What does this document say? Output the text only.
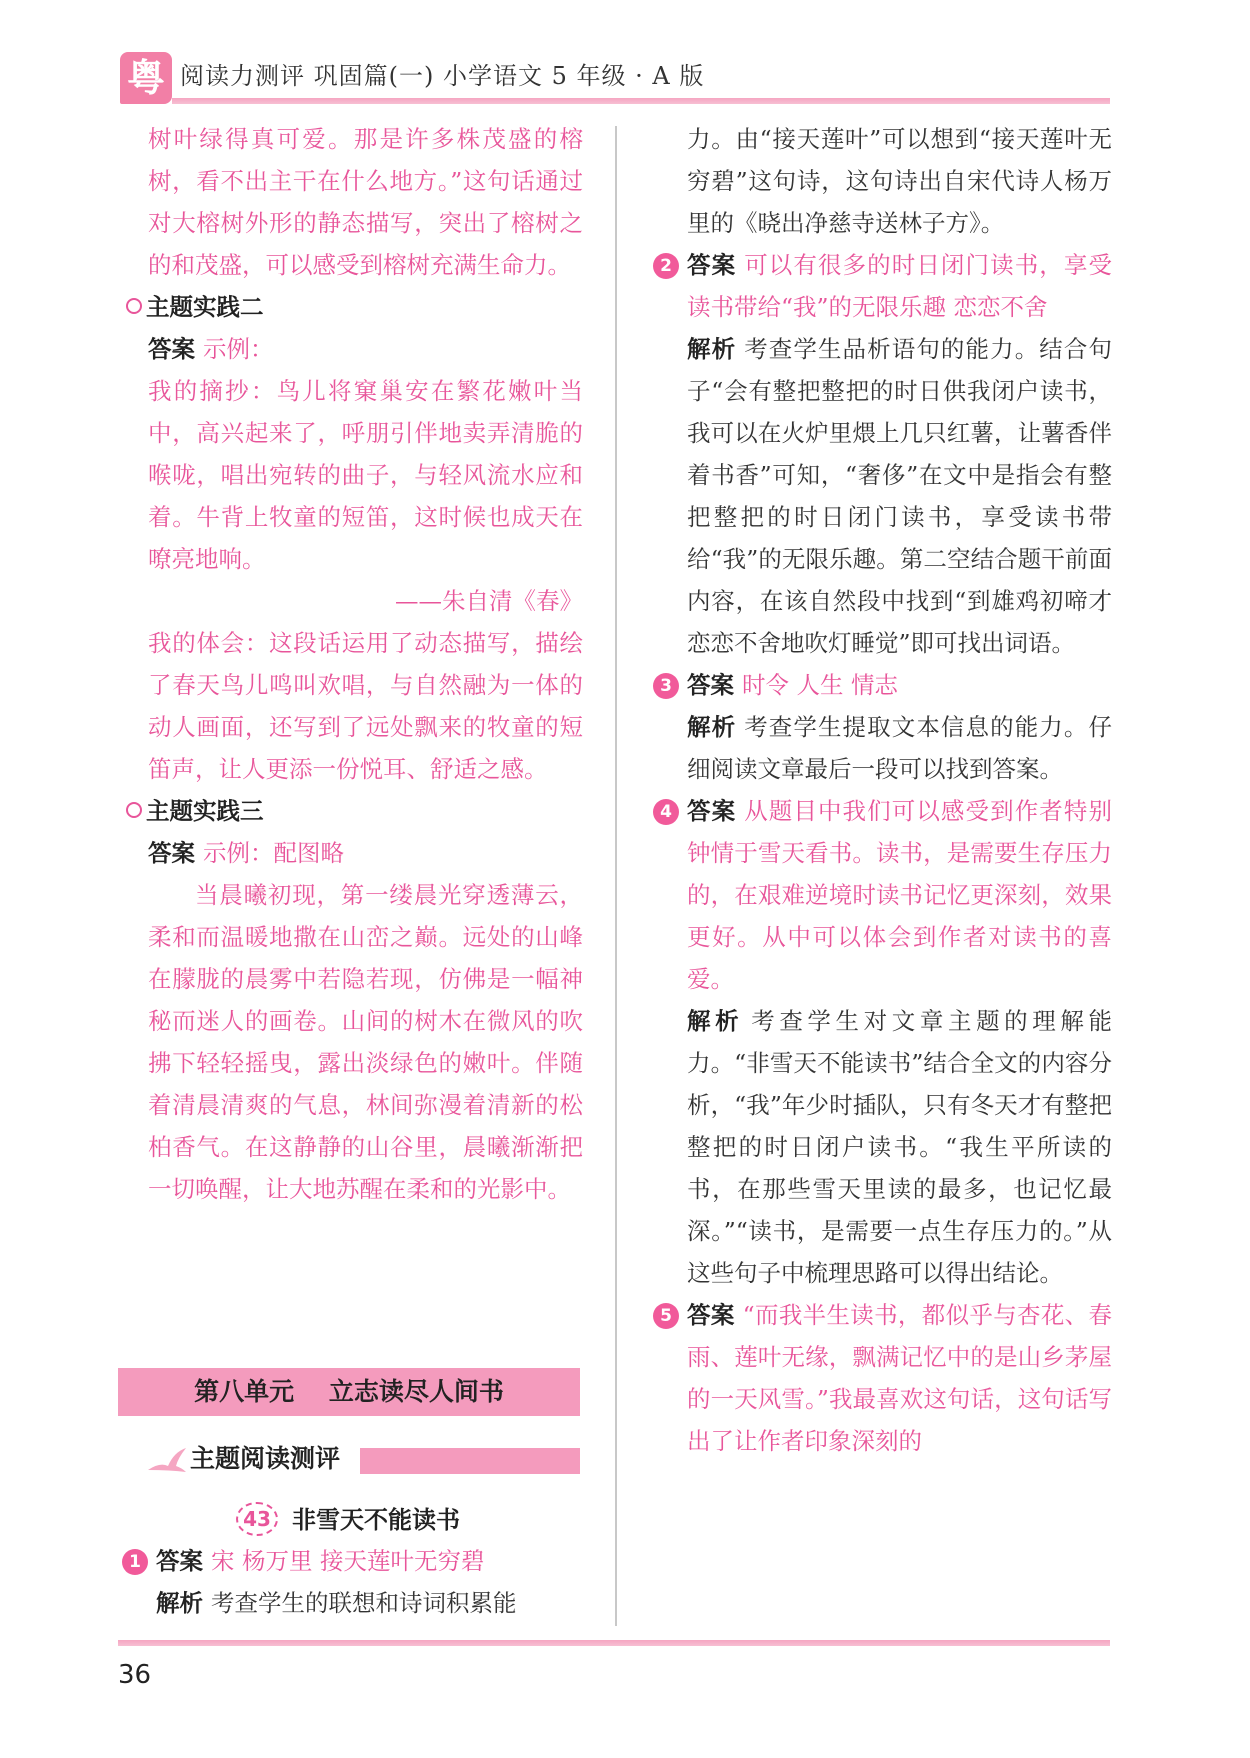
粤 阅读力测评 巩固篇(一) 小学语文 5 年级 · A 版

树叶绿得真可爱。那是许多株茂盛的榕树，看不出主干在什么地方。”这句话通过对大榕树外形的静态描写，突出了榕树之的和茂盛，可以感受到榕树充满生命力。

主题实践二

答案 示例：

我的摘抄：鸟儿将窠巢安在繁花嫩叶当中，高兴起来了，呼朋引伴地卖弄清脆的喉咙，唱出宛转的曲子，与轻风流水应和着。牛背上牧童的短笛，这时候也成天在嘹亮地响。

——朱自清《春》

我的体会：这段话运用了动态描写，描绘了春天鸟儿鸣叫欢唱，与自然融为一体的动人画面，还写到了远处飘来的牧童的短笛声，让人更添一份悦耳、舒适之感。

主题实践三

答案 示例：配图略

当晨曦初现，第一缕晨光穿透薄云，柔和而温暖地撒在山峦之巅。远处的山峰在朦胧的晨雾中若隐若现，仿佛是一幅神秘而迷人的画卷。山间的树木在微风的吹拂下轻轻摇曳，露出淡绿色的嫩叶。伴随着清晨清爽的气息，林间弥漫着清新的松柏香气。在这静静的山谷里，晨曦渐渐把一切唤醒，让大地苏醒在柔和的光影中。

第八单元 立志读尽人间书
主题阅读测评
43 非雪天不能读书
1 答案 宋 杨万里 接天莲叶无穷碧
解析 考查学生的联想和诗词积累能

力。由“接天莲叶”可以想到“接天莲叶无穷碧”这句诗，这句诗出自宋代诗人杨万里的《晓出净慈寺送林子方》。

2 答案 可以有很多的时日闭门读书，享受读书带给“我”的无限乐趣 恋恋不舍

解析 考查学生品析语句的能力。结合句子“会有整把整把的时日供我闭户读书，我可以在火炉里煨上几只红薯，让薯香伴着书香”可知，“奢侈”在文中是指会有整把整把的时日闭门读书，享受读书带给“我”的无限乐趣。第二空结合题干前面内容，在该自然段中找到“到雄鸡初啼才恋恋不舍地吹灯睡觉”即可找出词语。

3 答案 时令 人生 情志

解析 考查学生提取文本信息的能力。仔细阅读文章最后一段可以找到答案。

4 答案 从题目中我们可以感受到作者特别钟情于雪天看书。读书，是需要生存压力的，在艰难逆境时读书记忆更深刻，效果更好。从中可以体会到作者对读书的喜爱。

解析 考查学生对文章主题的理解能力。“非雪天不能读书”结合全文的内容分析，“我”年少时插队，只有冬天才有整把整把的时日闭户读书。“我生平所读的书，在那些雪天里读的最多，也记忆最深。”“读书，是需要一点生存压力的。”从这些句子中梳理思路可以得出结论。

5 答案 “而我半生读书，都似乎与杏花、春雨、莲叶无缘，飘满记忆中的是山乡茅屋的一天风雪。”我最喜欢这句话，这句话写出了让作者印象深刻的

36
